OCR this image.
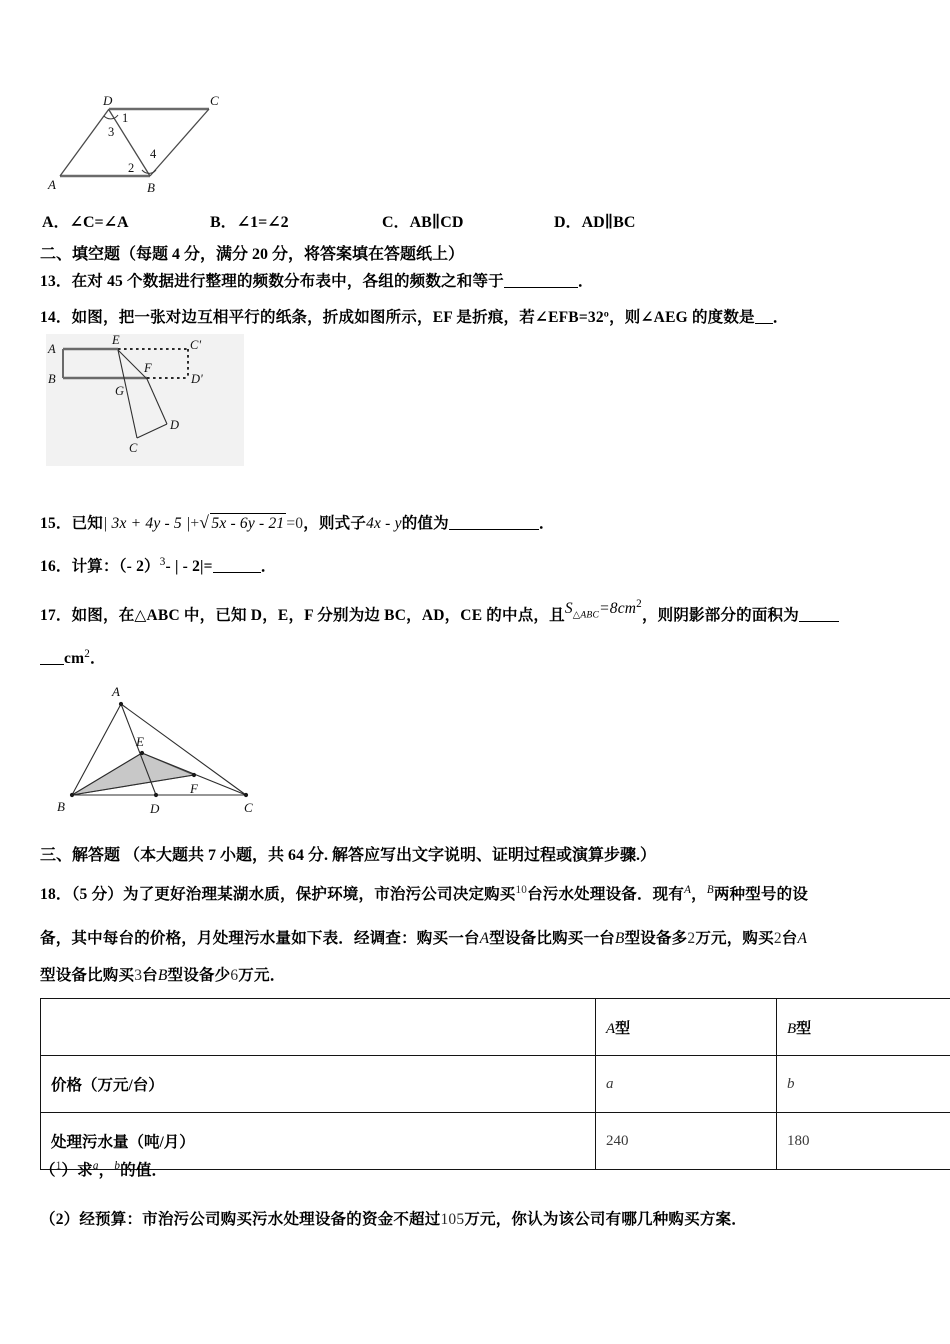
D	C
A	B
1
3
2
4
A．∠C=∠A	B．∠1=∠2	C．AB∥CD	D．AD∥BC
二、填空题（每题 4 分，满分 20 分，将答案填在答题纸上）
13．在对 45 个数据进行整理的频数分布表中，各组的频数之和等于	．
14．如图，把一张对边互相平行的纸条，折成如图所示，EF 是折痕，若∠EFB=32º，则∠AEG 的度数是 ．
A
E	C'
B
F
D'
G
C
D
15．已知| 3x + 4y - 5 |+ √ 5x - 6y - 21 =0，则式子4x - y的值为	．
16．计算：（- 2）$^3$- | - 2|=	．
17．如图，在△ABC 中，已知 D，E，F 分别为边 BC，AD，CE 的中点，且$S_{\triangle ABC}=8cm^2$，则阴影部分的面积为
$cm^2$．
A
E
B	D
F
C
三、解答题 （本大题共 7 小题，共 64 分. 解答应写出文字说明、证明过程或演算步骤.）
18．（5 分）为了更好治理某湖水质，保护环境，市治污公司决定购买$^{10}$台污水处理设备．现有$^A$，$^B$两种型号的设
备，其中每台的价格，月处理污水量如下表．经调查：购买一台A型设备比购买一台B型设备多2万元，购买2台A
型设备比购买3台B型设备少6万元．
	A型	B型
价格（万元/台）	a	b
处理污水量（吨/月）	240	180
（$^1$）求$^a$，$^b$的值．
（2）经预算：市治污公司购买污水处理设备的资金不超过105万元，你认为该公司有哪几种购买方案．
